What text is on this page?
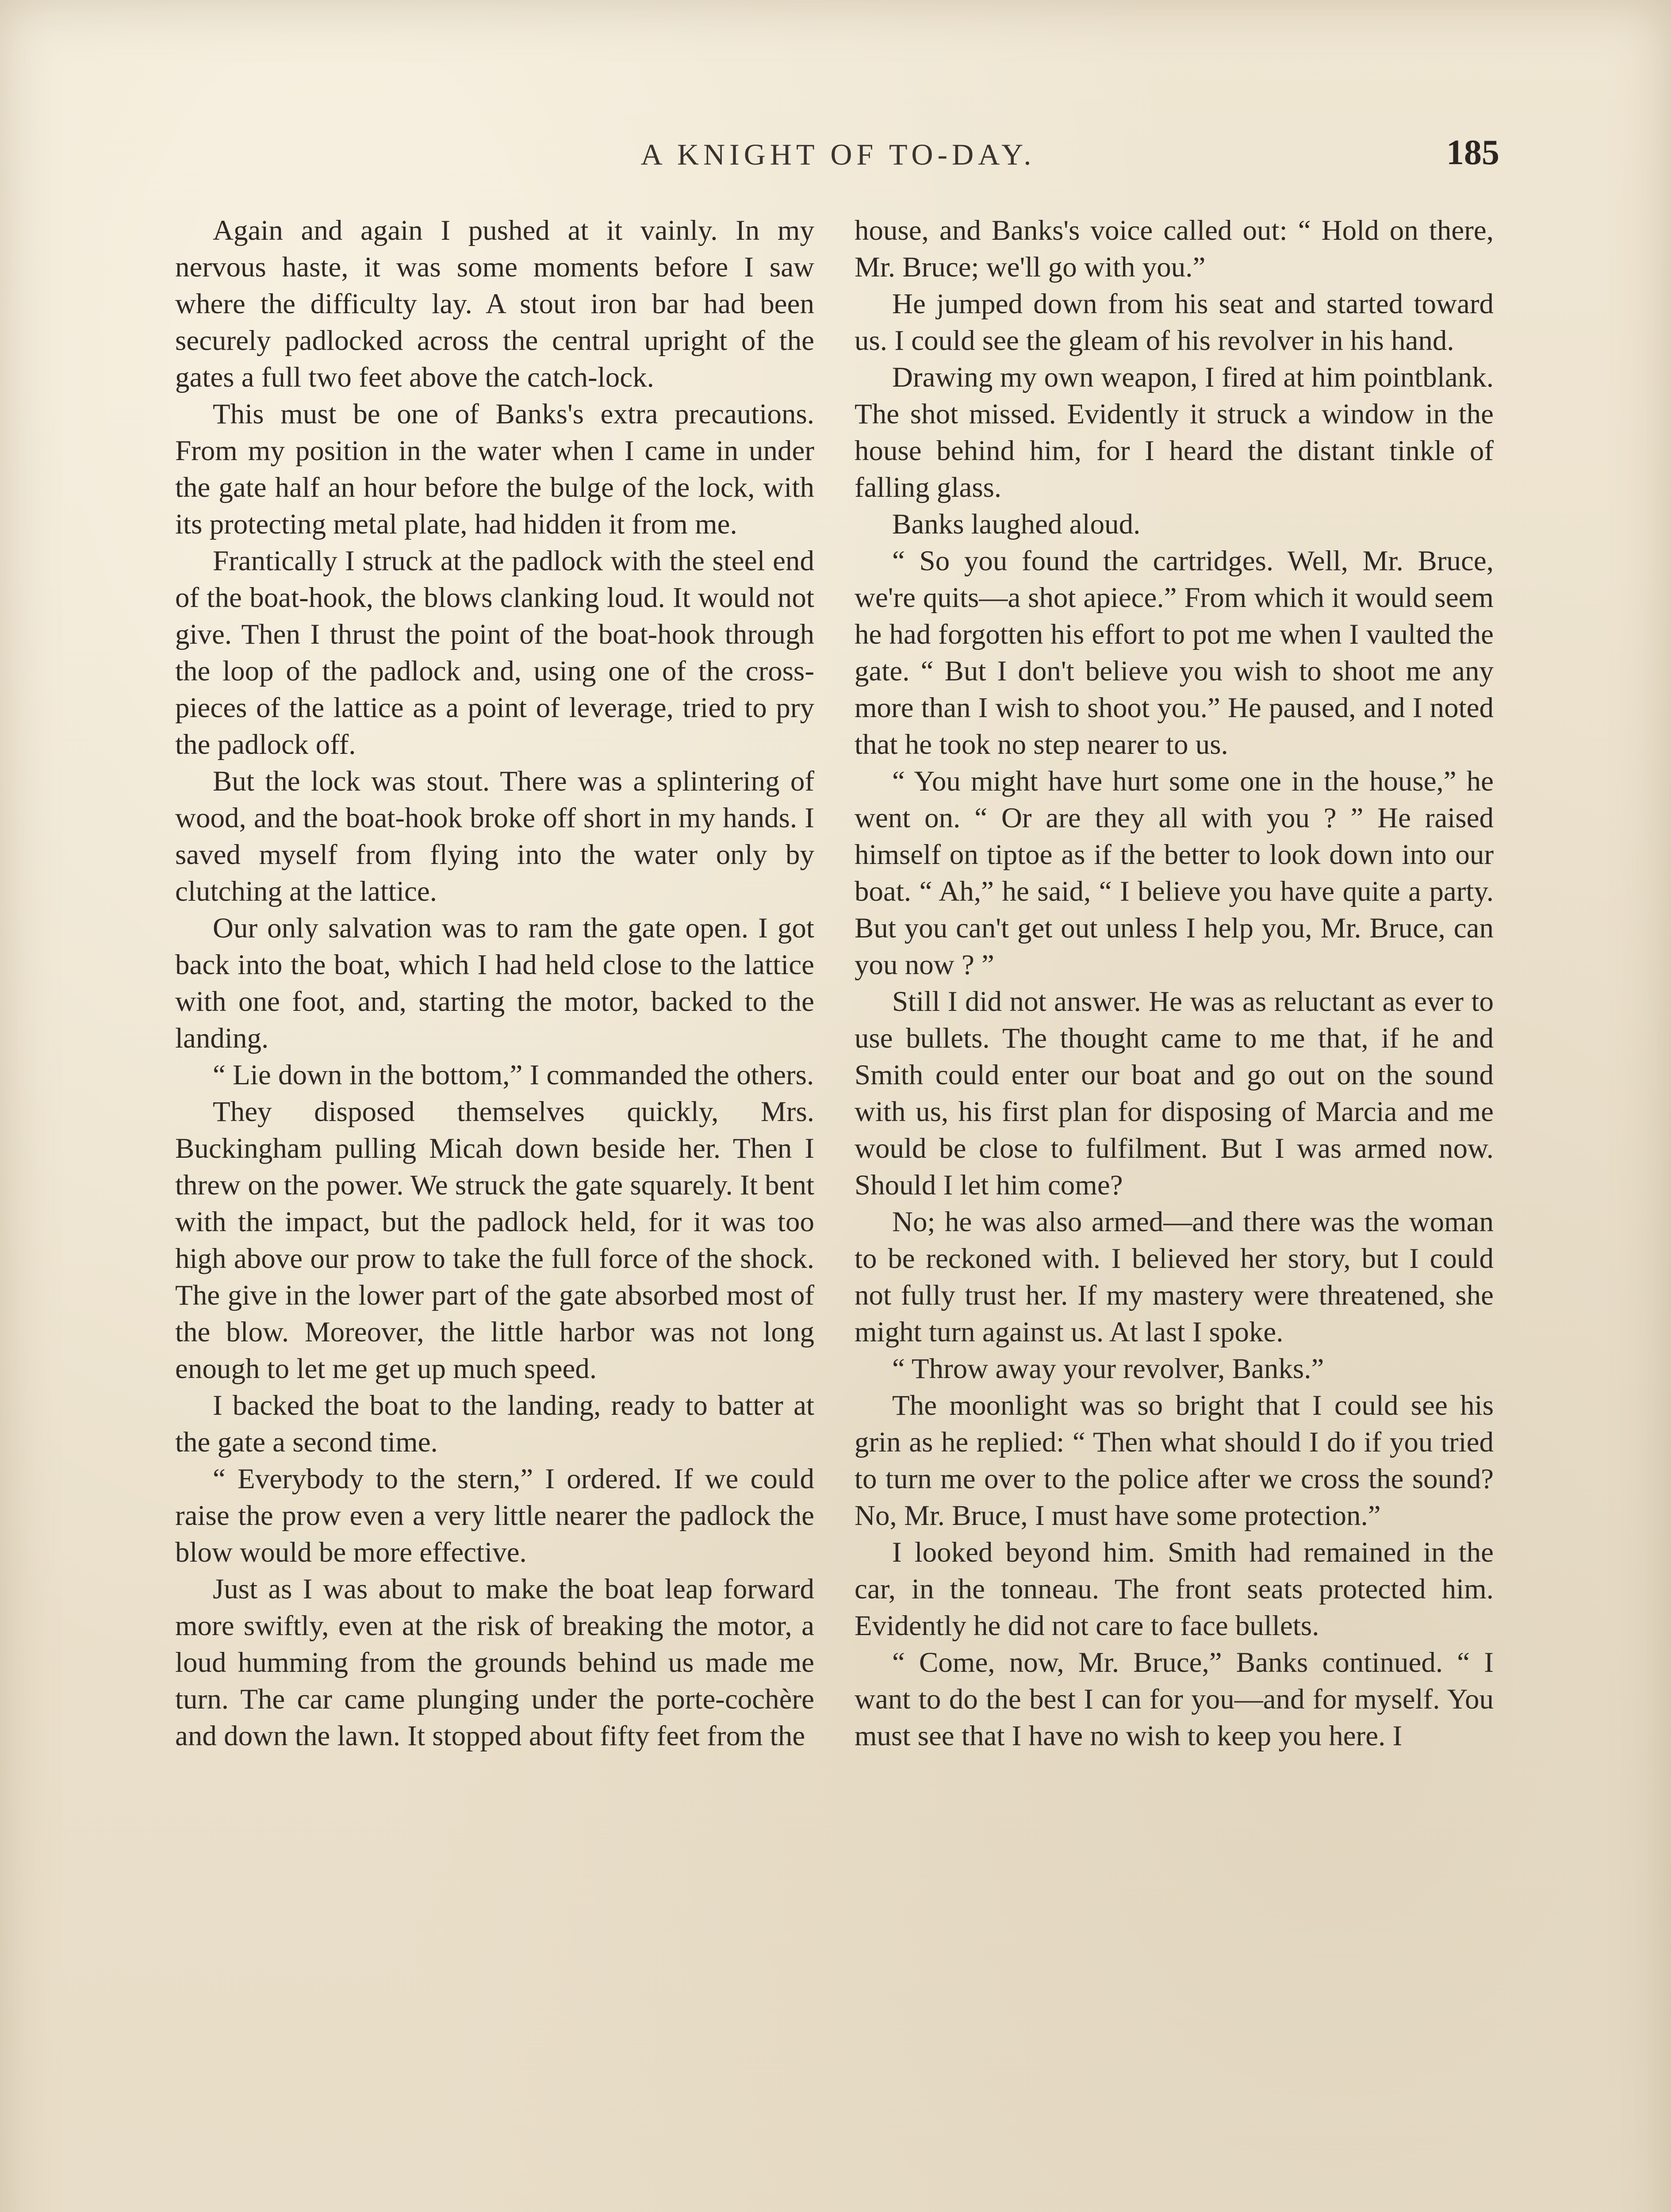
A KNIGHT OF TO-DAY.	185

Again and again I pushed at it vainly. In my nervous haste, it was some moments before I saw where the difficulty lay. A stout iron bar had been securely padlocked across the central upright of the gates a full two feet above the catch-lock.

This must be one of Banks's extra precautions. From my position in the water when I came in under the gate half an hour before the bulge of the lock, with its protecting metal plate, had hidden it from me.

Frantically I struck at the padlock with the steel end of the boat-hook, the blows clanking loud. It would not give. Then I thrust the point of the boat-hook through the loop of the padlock and, using one of the cross-pieces of the lattice as a point of leverage, tried to pry the padlock off.

But the lock was stout. There was a splintering of wood, and the boat-hook broke off short in my hands. I saved myself from flying into the water only by clutching at the lattice.

Our only salvation was to ram the gate open. I got back into the boat, which I had held close to the lattice with one foot, and, starting the motor, backed to the landing.

“ Lie down in the bottom,” I commanded the others.

They disposed themselves quickly, Mrs. Buckingham pulling Micah down beside her. Then I threw on the power. We struck the gate squarely. It bent with the impact, but the padlock held, for it was too high above our prow to take the full force of the shock. The give in the lower part of the gate absorbed most of the blow. Moreover, the little harbor was not long enough to let me get up much speed.

I backed the boat to the landing, ready to batter at the gate a second time.

“ Everybody to the stern,” I ordered. If we could raise the prow even a very little nearer the padlock the blow would be more effective.

Just as I was about to make the boat leap forward more swiftly, even at the risk of breaking the motor, a loud humming from the grounds behind us made me turn. The car came plunging under the porte-cochère and down the lawn. It stopped about fifty feet from the

house, and Banks's voice called out: “ Hold on there, Mr. Bruce; we'll go with you.”

He jumped down from his seat and started toward us. I could see the gleam of his revolver in his hand.

Drawing my own weapon, I fired at him pointblank. The shot missed. Evidently it struck a window in the house behind him, for I heard the distant tinkle of falling glass.

Banks laughed aloud.

“ So you found the cartridges. Well, Mr. Bruce, we're quits—a shot apiece.” From which it would seem he had forgotten his effort to pot me when I vaulted the gate. “ But I don't believe you wish to shoot me any more than I wish to shoot you.” He paused, and I noted that he took no step nearer to us.

“ You might have hurt some one in the house,” he went on. “ Or are they all with you ? ” He raised himself on tiptoe as if the better to look down into our boat. “ Ah,” he said, “ I believe you have quite a party. But you can't get out unless I help you, Mr. Bruce, can you now ? ”

Still I did not answer. He was as reluctant as ever to use bullets. The thought came to me that, if he and Smith could enter our boat and go out on the sound with us, his first plan for disposing of Marcia and me would be close to fulfilment. But I was armed now. Should I let him come?

No; he was also armed—and there was the woman to be reckoned with. I believed her story, but I could not fully trust her. If my mastery were threatened, she might turn against us. At last I spoke.

“ Throw away your revolver, Banks.”

The moonlight was so bright that I could see his grin as he replied: “ Then what should I do if you tried to turn me over to the police after we cross the sound? No, Mr. Bruce, I must have some protection.”

I looked beyond him. Smith had remained in the car, in the tonneau. The front seats protected him. Evidently he did not care to face bullets.

“ Come, now, Mr. Bruce,” Banks continued. “ I want to do the best I can for you—and for myself. You must see that I have no wish to keep you here. I
